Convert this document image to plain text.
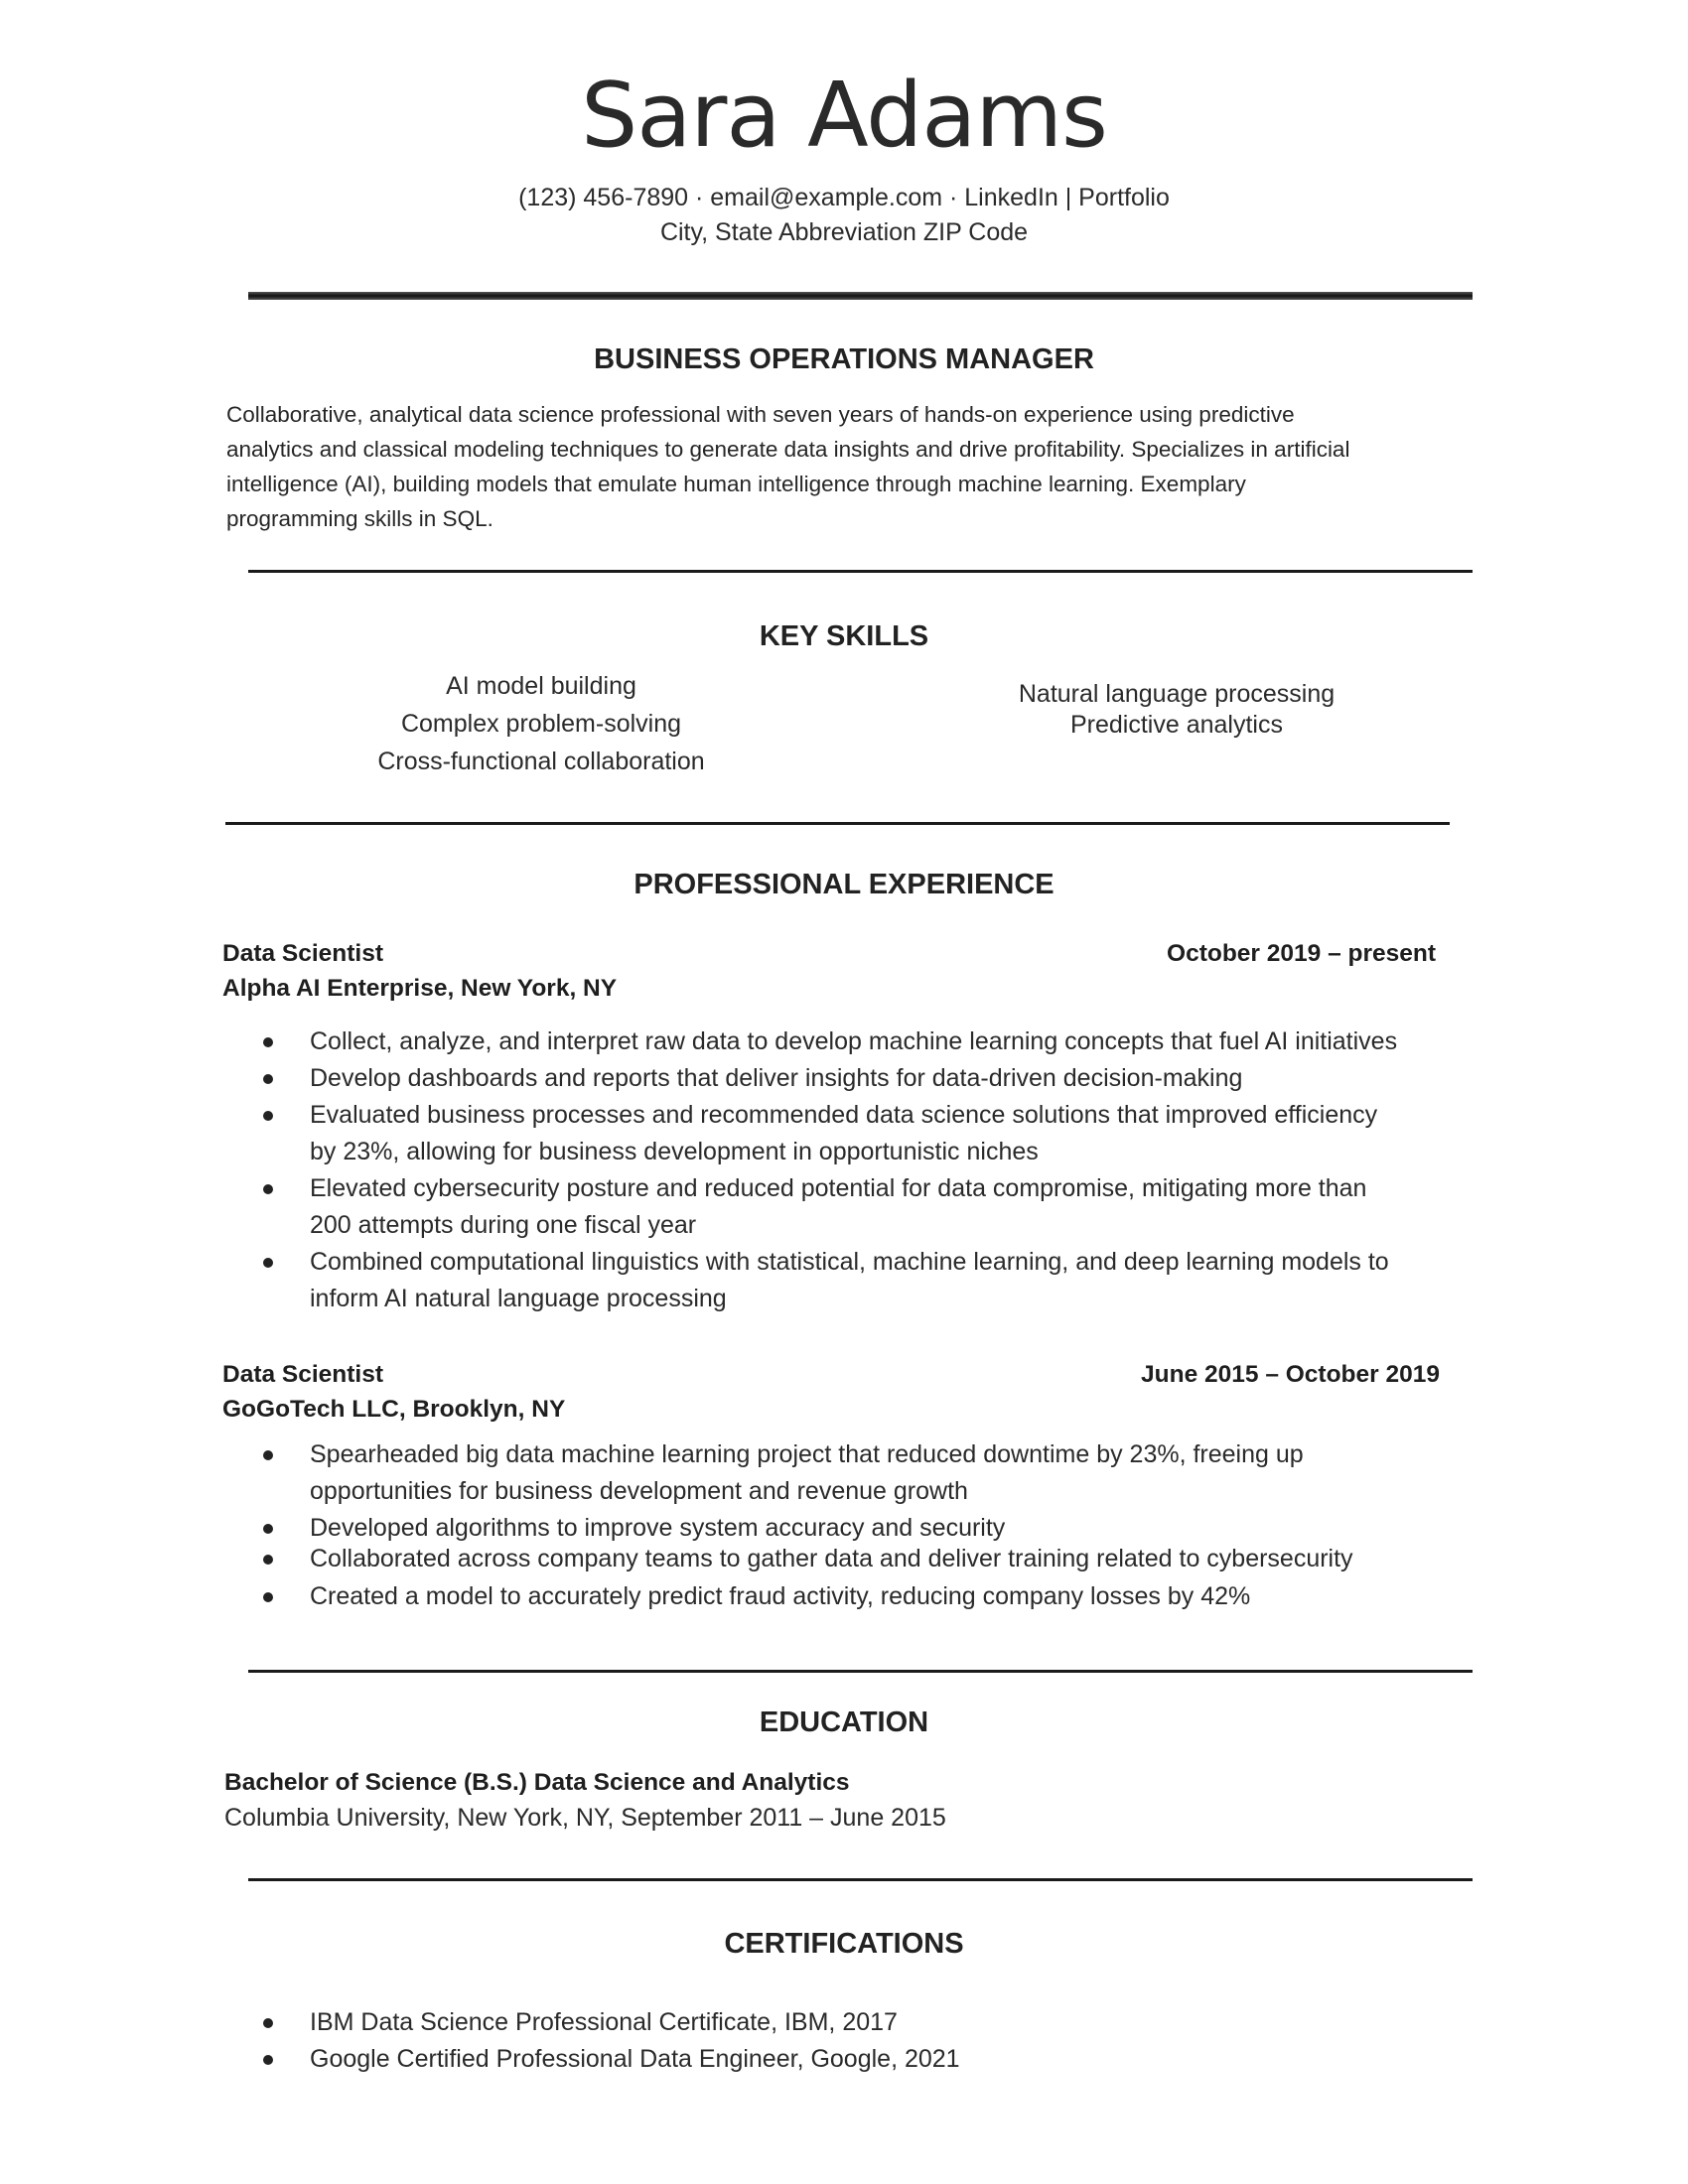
Sara Adams
(123) 456-7890 · email@example.com · LinkedIn | Portfolio
City, State Abbreviation ZIP Code
BUSINESS OPERATIONS MANAGER
Collaborative, analytical data science professional with seven years of hands-on experience using predictive
analytics and classical modeling techniques to generate data insights and drive profitability. Specializes in artificial
intelligence (AI), building models that emulate human intelligence through machine learning. Exemplary
programming skills in SQL.
KEY SKILLS
AI model building
Complex problem-solving
Cross-functional collaboration
Natural language processing
Predictive analytics
PROFESSIONAL EXPERIENCE
Data Scientist	October 2019 – present
Alpha AI Enterprise, New York, NY
Collect, analyze, and interpret raw data to develop machine learning concepts that fuel AI initiatives
Develop dashboards and reports that deliver insights for data-driven decision-making
Evaluated business processes and recommended data science solutions that improved efficiency
by 23%, allowing for business development in opportunistic niches
Elevated cybersecurity posture and reduced potential for data compromise, mitigating more than
200 attempts during one fiscal year
Combined computational linguistics with statistical, machine learning, and deep learning models to
inform AI natural language processing
Data Scientist	June 2015 – October 2019
GoGoTech LLC, Brooklyn, NY
Spearheaded big data machine learning project that reduced downtime by 23%, freeing up
opportunities for business development and revenue growth
Developed algorithms to improve system accuracy and security
Collaborated across company teams to gather data and deliver training related to cybersecurity
Created a model to accurately predict fraud activity, reducing company losses by 42%
EDUCATION
Bachelor of Science (B.S.) Data Science and Analytics
Columbia University, New York, NY, September 2011 – June 2015
CERTIFICATIONS
IBM Data Science Professional Certificate, IBM, 2017
Google Certified Professional Data Engineer, Google, 2021
